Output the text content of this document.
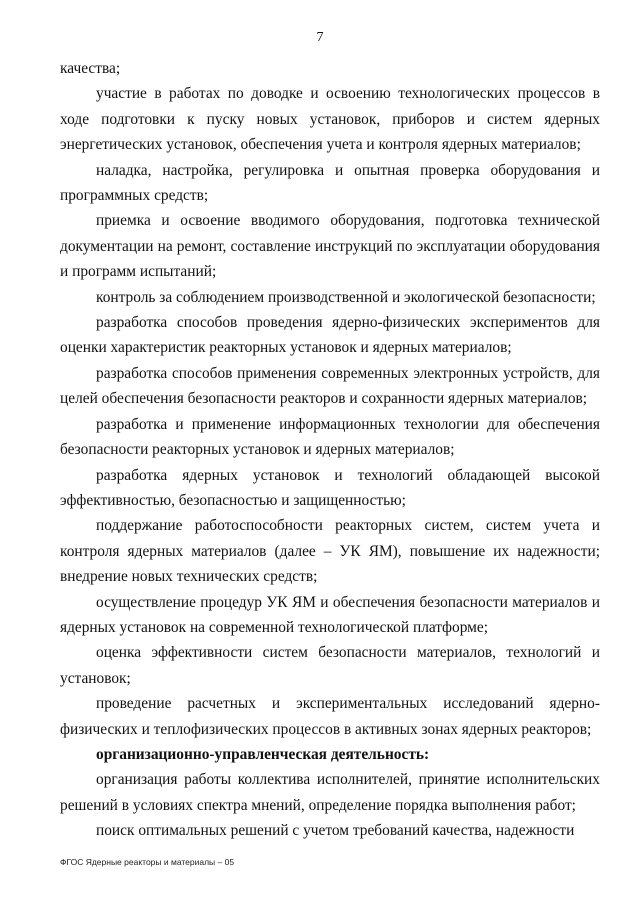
7

качества;

участие в работах по доводке и освоению технологических процессов в ходе подготовки к пуску новых установок, приборов и систем ядерных энергетических установок, обеспечения учета и контроля ядерных материалов;

наладка, настройка, регулировка и опытная проверка оборудования и программных средств;

приемка и освоение вводимого оборудования, подготовка технической документации на ремонт, составление инструкций по эксплуатации оборудования и программ испытаний;

контроль за соблюдением производственной и экологической безопасности;

разработка способов проведения ядерно-физических экспериментов для оценки характеристик реакторных установок и ядерных материалов;

разработка способов применения современных электронных устройств, для целей обеспечения безопасности реакторов и сохранности ядерных материалов;

разработка и применение информационных технологии для обеспечения безопасности реакторных установок и ядерных материалов;

разработка ядерных установок и технологий обладающей высокой эффективностью, безопасностью и защищенностью;

поддержание работоспособности реакторных систем, систем учета и контроля ядерных материалов (далее – УК ЯМ), повышение их надежности; внедрение новых технических средств;

осуществление процедур УК ЯМ и обеспечения безопасности материалов и ядерных установок на современной технологической платформе;

оценка эффективности систем безопасности материалов, технологий и установок;

проведение расчетных и экспериментальных исследований ядерно-физических и теплофизических процессов в активных зонах ядерных реакторов;

организационно-управленческая деятельность:

организация работы коллектива исполнителей, принятие исполнительских решений в условиях спектра мнений, определение порядка выполнения работ;

поиск оптимальных решений с учетом требований качества, надежности

ФГОС Ядерные реакторы и материалы – 05
